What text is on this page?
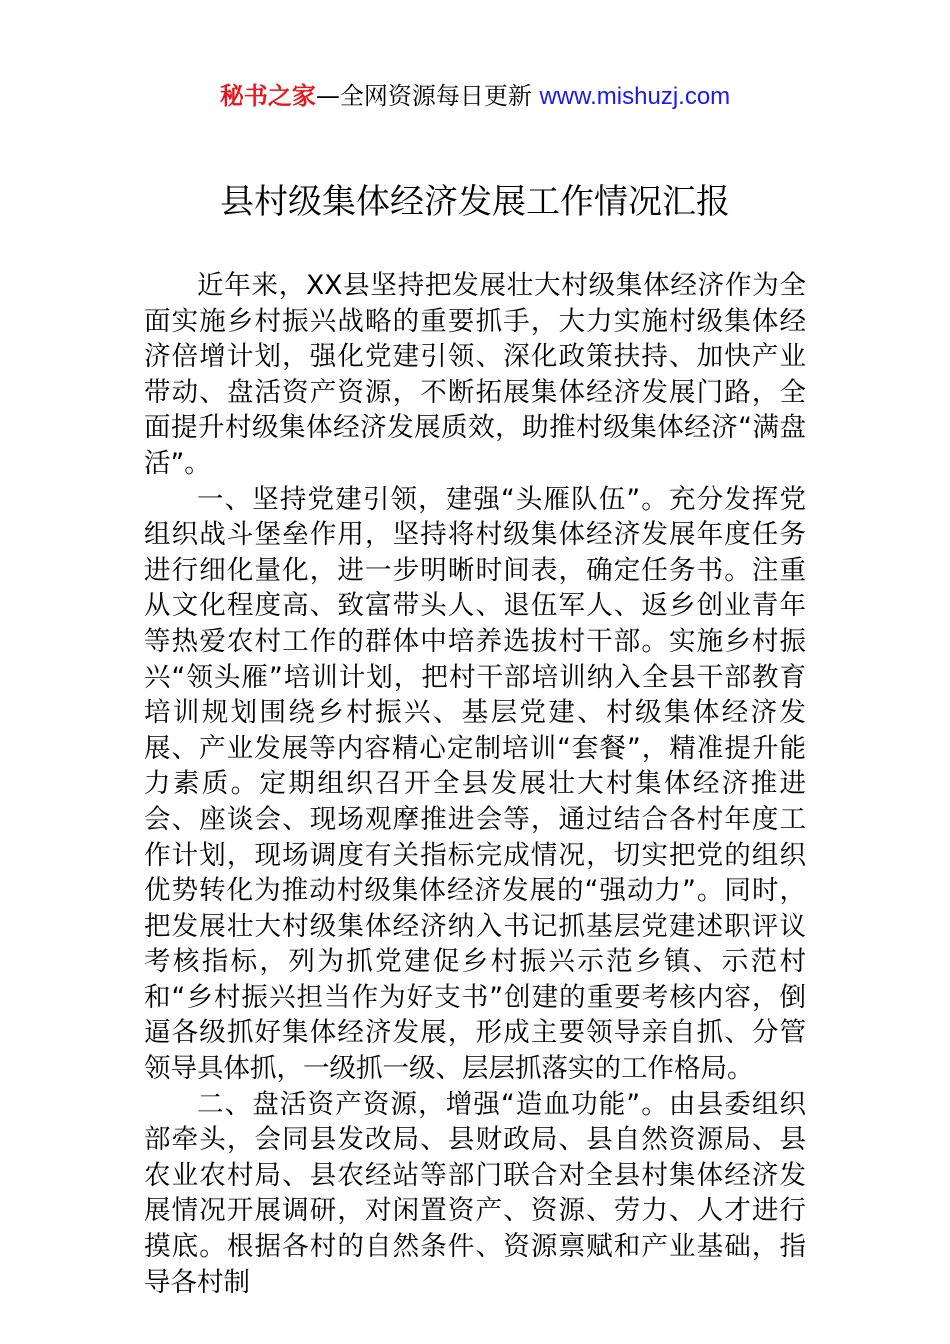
秘书之家—全网资源每日更新 www.mishuzj.com
县村级集体经济发展工作情况汇报

近年来，XX县坚持把发展壮大村级集体经济作为全面实施乡村振兴战略的重要抓手，大力实施村级集体经济倍增计划，强化党建引领、深化政策扶持、加快产业带动、盘活资产资源，不断拓展集体经济发展门路，全面提升村级集体经济发展质效，助推村级集体经济“满盘活”。

一、坚持党建引领，建强“头雁队伍”。充分发挥党组织战斗堡垒作用，坚持将村级集体经济发展年度任务进行细化量化，进一步明晰时间表，确定任务书。注重从文化程度高、致富带头人、退伍军人、返乡创业青年等热爱农村工作的群体中培养选拔村干部。实施乡村振兴“领头雁”培训计划，把村干部培训纳入全县干部教育培训规划围绕乡村振兴、基层党建、村级集体经济发展、产业发展等内容精心定制培训“套餐”，精准提升能力素质。定期组织召开全县发展壮大村集体经济推进会、座谈会、现场观摩推进会等，通过结合各村年度工作计划，现场调度有关指标完成情况，切实把党的组织优势转化为推动村级集体经济发展的“强动力”。同时，把发展壮大村级集体经济纳入书记抓基层党建述职评议考核指标，列为抓党建促乡村振兴示范乡镇、示范村和“乡村振兴担当作为好支书”创建的重要考核内容，倒逼各级抓好集体经济发展，形成主要领导亲自抓、分管领导具体抓，一级抓一级、层层抓落实的工作格局。

二、盘活资产资源，增强“造血功能”。由县委组织部牵头，会同县发改局、县财政局、县自然资源局、县农业农村局、县农经站等部门联合对全县村集体经济发展情况开展调研，对闲置资产、资源、劳力、人才进行摸底。根据各村的自然条件、资源禀赋和产业基础，指导各村制
